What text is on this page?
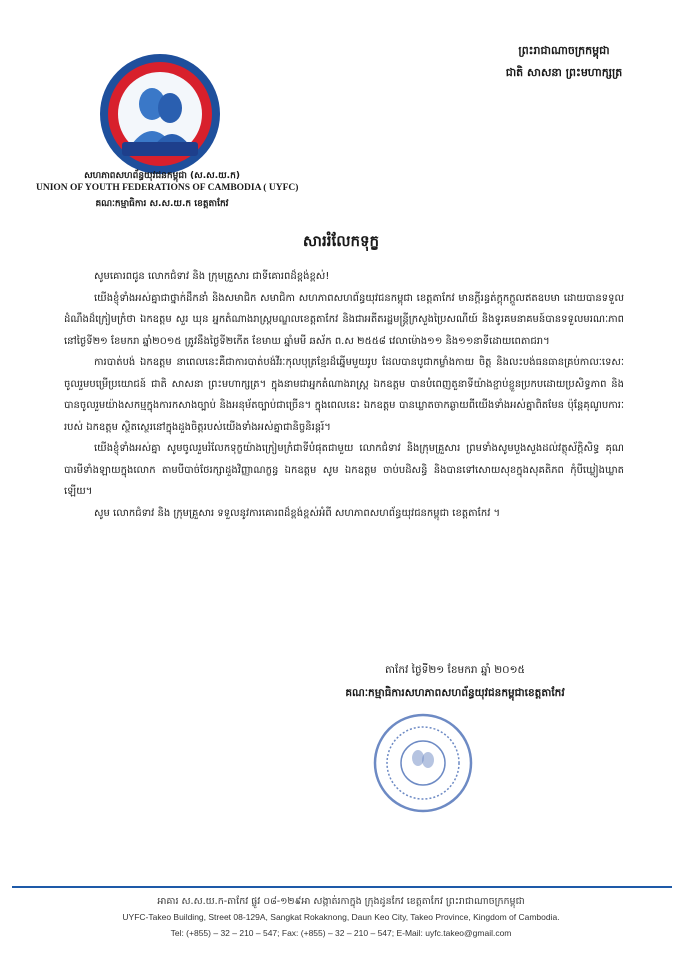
សហភាពសហព័ន្ធយុវជនកម្ពុជា (ស.ស.យ.ក)
UNION OF YOUTH FEDERATIONS OF CAMBODIA ( UYFC)
គណៈកម្មាធិការ ស.ស.យ.ក ខេត្តតាកែវ
ព្រះរាជាណាចក្រកម្ពុជា
ជាតិ សាសនា ព្រះមហាក្សត្រ
សាររំលែកទុក្ខ

សូមគោរពជូន លោកជំទាវ និង ក្រុមគ្រួសារ ជាទីគោរពដ៏ខ្ពង់ខ្ពស់!

យើងខ្ញុំទាំងអស់គ្នាជាថ្នាក់ដឹកនាំ និងសមាជិក សមាជិកា សហភាពសហព័ន្ធយុវជនកម្ពុជា ខេត្តតាកែវ មានក្តីរន្ធត់ក្តុកក្តួលឥតឧបមា ដោយបានទទួលដំណឹងដ៏ក្រៀមក្រំថា ឯកឧត្តម សួរ ឃុន អ្នកតំណាងរាស្ត្រមណ្ឌលខេត្តតាកែវ និងជាអតីតរដ្ឋមន្ត្រីក្រសួងប្រៃសណីយ៍ និងទូរគមនាគមន៍បានទទួលមរណៈភាពនៅថ្ងៃទី២១ ខែមករា ឆ្នាំ២០១៥ ត្រូវនឹងថ្ងៃទី២កើត ខែមាឃ ឆ្នាំមមី ឆស័ក ព.ស ២៥៥៨ វេលាម៉ោង១១ និង១១នាទីដោយពេតាជរា។

ការបាត់បង់ ឯកឧត្តម នាពេលនេះគឺជាការបាត់បង់វីរៈកុលបុត្រខ្មែរដ៏ឆ្នើមមួយរូប ដែលបានបូជាកម្លាំងកាយ ចិត្ត និងលះបង់ធនធានគ្រប់កាលៈទេសៈ ចូលរួមបម្រើប្រយោជន៍ ជាតិ សាសនា ព្រះមហាក្សត្រ។ ក្នុងនាមជាអ្នកតំណាងរាស្ត្រ ឯកឧត្តម បានបំពេញតួនាទីយ៉ាងខ្ជាប់ខ្ជួនប្រកបដោយប្រសិទ្ធភាព និងបានចូលរួមយ៉ាងសកម្មក្នុងការកសាងច្បាប់ និងអនុម័តច្បាប់ជាច្រើន។ ក្នុងពេលនេះ ឯកឧត្តម បានឃ្លាតចាកឆ្ងាយពីយើងទាំងអស់គ្នាពិតមែន ប៉ុន្តែគុណូបការៈរបស់ ឯកឧត្តម ស្ថិតស្ថេរនៅក្នុងដួងចិត្តរបស់យើងទាំងអស់គ្នាជានិច្ចនិរន្តរ៍។

យើងខ្ញុំទាំងអស់គ្នា សូមចូលរួមរំលែកទុក្ខយ៉ាងក្រៀមក្រំជាទីបំផុតជាមួយ លោកជំទាវ និងក្រុមគ្រួសារ ព្រមទាំងសូមបួងសួងដល់វត្ថុស័ក្តិសិទ្ធ គុណបារមីទាំងឡាយក្នុងលោក តាមបីបាច់ថែរក្សាដួងវិញ្ញាណក្ខន្ធ ឯកឧត្តម សូម ឯកឧត្តម ចាប់បដិសន្ធិ និងបានទៅសោយសុខក្នុងសុគតិភព កុំបីឃ្លៀងឃ្លាតឡើយ។

សូម លោកជំទាវ និង ក្រុមគ្រួសារ ទទួលនូវការគោរពដ៏ខ្ពង់ខ្ពស់អំពី សហភាពសហព័ន្ធយុវជនកម្ពុជា ខេត្តតាកែវ ។

តាកែវ ថ្ងៃទី២១ ខែមករា ឆ្នាំ ២០១៥
គណៈកម្មាធិការសហភាពសហព័ន្ធយុវជនកម្ពុជាខេត្តតាកែវ
អាគារ ស.ស.យ.ក-តាកែវ ផ្លូវ ០៨-១២៩អា សង្កាត់រកាក្នុង ក្រុងដូនកែវ ខេត្តតាកែវ ព្រះរាជាណាចក្រកម្ពុជា
UYFC-Takeo Building, Street 08-129A, Sangkat Rokaknong, Daun Keo City, Takeo Province, Kingdom of Cambodia.
Tel: (+855) – 32 – 210 – 547; Fax: (+855) – 32 – 210 – 547; E-Mail: uyfc.takeo@gmail.com
